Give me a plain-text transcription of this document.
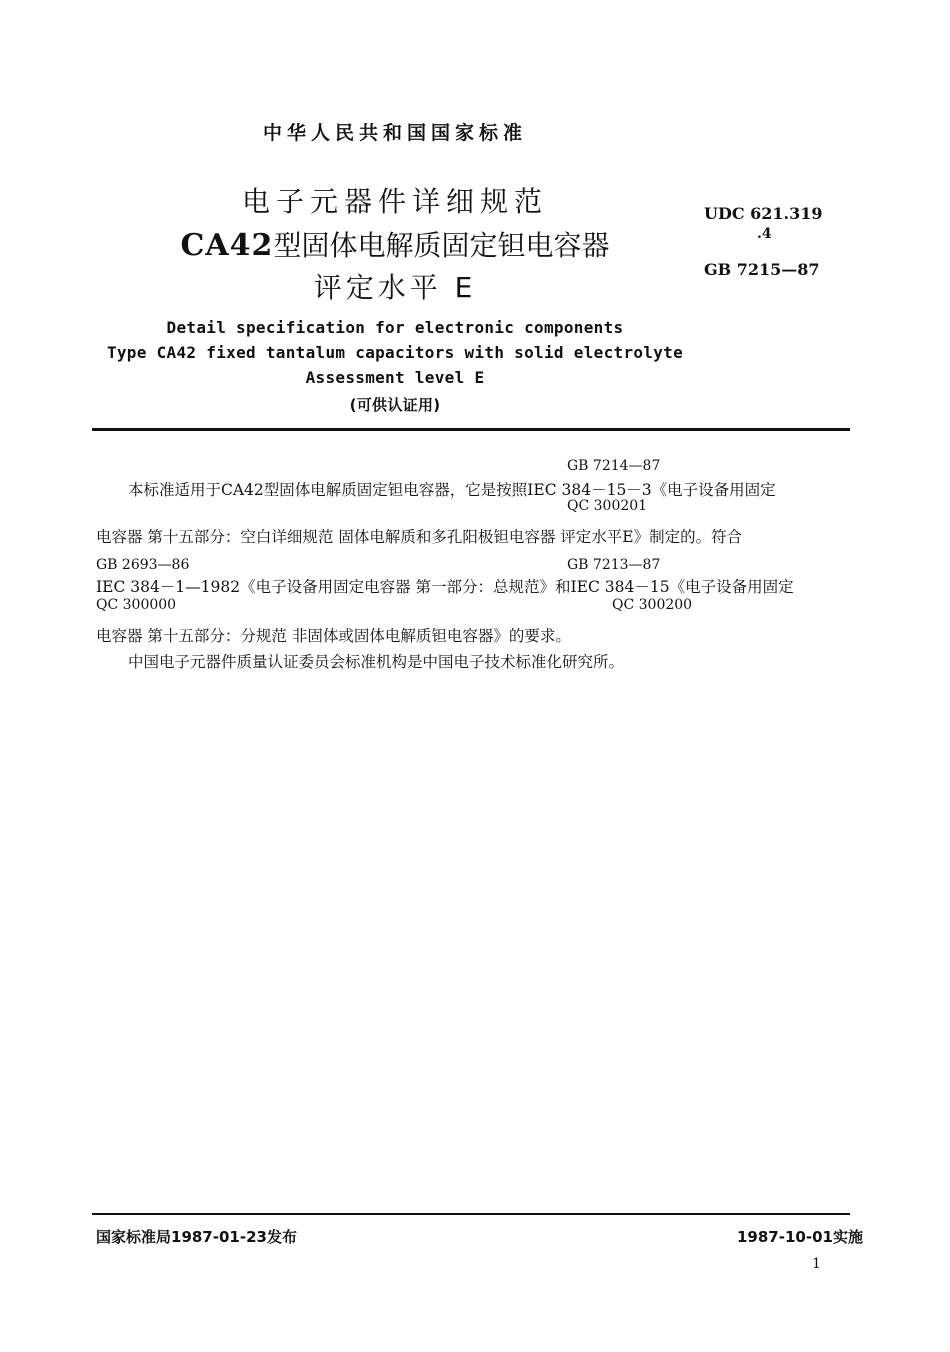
中华人民共和国国家标准
电子元器件详细规范
CA42型固体电解质固定钽电容器
评定水平 E
UDC 621.319
.4
GB 7215—87
Detail specification for electronic components
Type CA42 fixed tantalum capacitors with solid electrolyte
Assessment level E
(可供认证用)
GB 7214—87
本标准适用于CA42型固体电解质固定钽电容器，它是按照IEC 384－15－3《电子设备用固定
QC 300201
电容器 第十五部分：空白详细规范 固体电解质和多孔阳极钽电容器 评定水平E》制定的。符合
GB 2693—86	GB 7213—87
IEC 384－1—1982《电子设备用固定电容器 第一部分：总规范》和IEC 384－15《电子设备用固定
QC 300000	QC 300200
电容器 第十五部分：分规范 非固体或固体电解质钽电容器》的要求。
中国电子元器件质量认证委员会标准机构是中国电子技术标准化研究所。
国家标准局1987-01-23发布	1987-10-01实施
1
